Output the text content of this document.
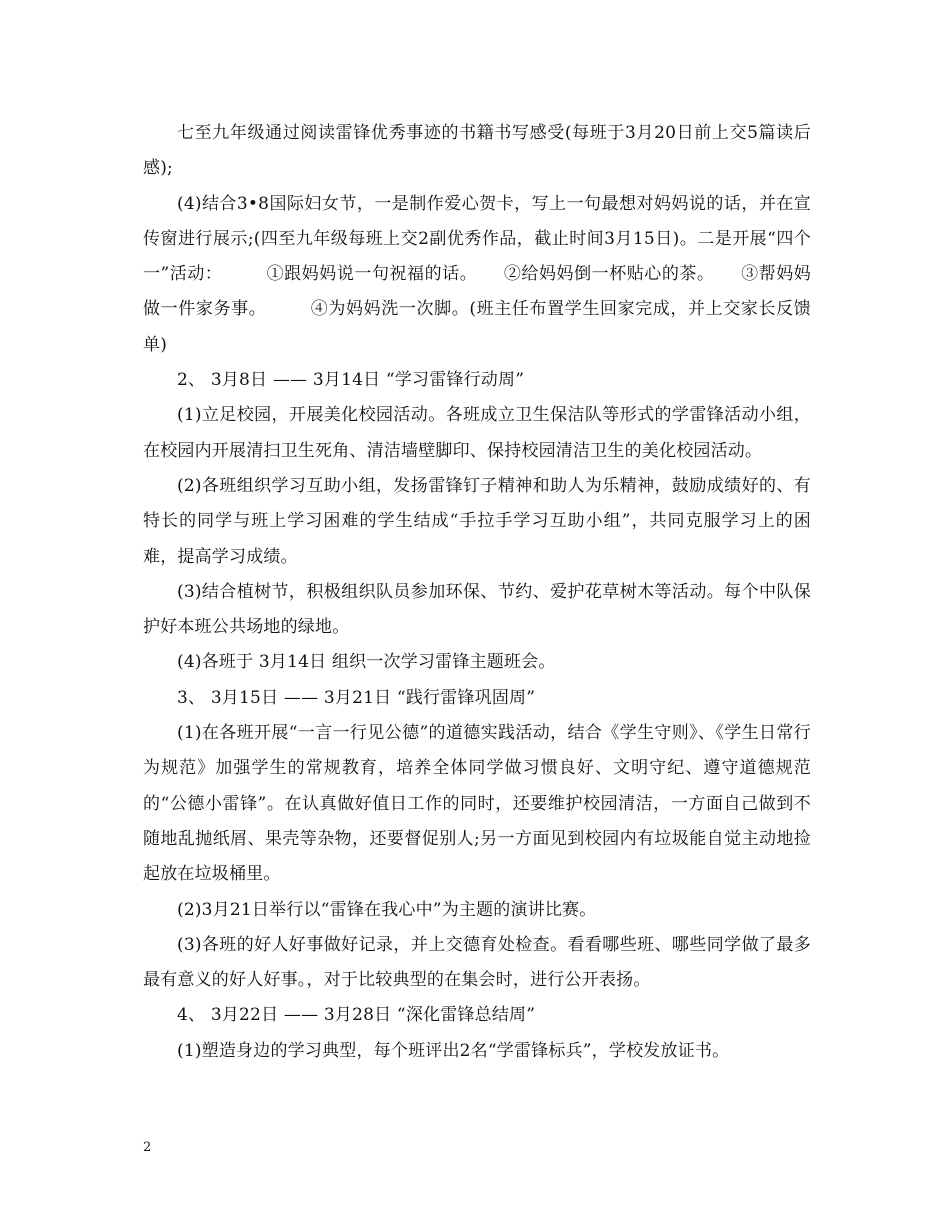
七至九年级通过阅读雷锋优秀事迹的书籍书写感受(每班于3月20日前上交5篇读后感);

(4)结合3•8国际妇女节，一是制作爱心贺卡，写上一句最想对妈妈说的话，并在宣传窗进行展示;(四至九年级每班上交2副优秀作品，截止时间3月15日)。二是开展“四个一”活动：　　　①跟妈妈说一句祝福的话。　　②给妈妈倒一杯贴心的茶。　　③帮妈妈做一件家务事。　　　④为妈妈洗一次脚。(班主任布置学生回家完成，并上交家长反馈单)

2、 3月8日 —— 3月14日 “学习雷锋行动周”

(1)立足校园，开展美化校园活动。各班成立卫生保洁队等形式的学雷锋活动小组，在校园内开展清扫卫生死角、清洁墙壁脚印、保持校园清洁卫生的美化校园活动。

(2)各班组织学习互助小组，发扬雷锋钉子精神和助人为乐精神，鼓励成绩好的、有特长的同学与班上学习困难的学生结成“手拉手学习互助小组”，共同克服学习上的困难，提高学习成绩。

(3)结合植树节，积极组织队员参加环保、节约、爱护花草树木等活动。每个中队保护好本班公共场地的绿地。

(4)各班于 3月14日 组织一次学习雷锋主题班会。

3、 3月15日 —— 3月21日 “践行雷锋巩固周”

(1)在各班开展“一言一行见公德”的道德实践活动，结合《学生守则》、《学生日常行为规范》加强学生的常规教育，培养全体同学做习惯良好、文明守纪、遵守道德规范的“公德小雷锋”。在认真做好值日工作的同时，还要维护校园清洁，一方面自己做到不随地乱抛纸屑、果壳等杂物，还要督促别人;另一方面见到校园内有垃圾能自觉主动地捡起放在垃圾桶里。

(2)3月21日举行以“雷锋在我心中”为主题的演讲比赛。

(3)各班的好人好事做好记录，并上交德育处检查。看看哪些班、哪些同学做了最多最有意义的好人好事。，对于比较典型的在集会时，进行公开表扬。

4、 3月22日 —— 3月28日 “深化雷锋总结周”

(1)塑造身边的学习典型，每个班评出2名“学雷锋标兵”，学校发放证书。

2
